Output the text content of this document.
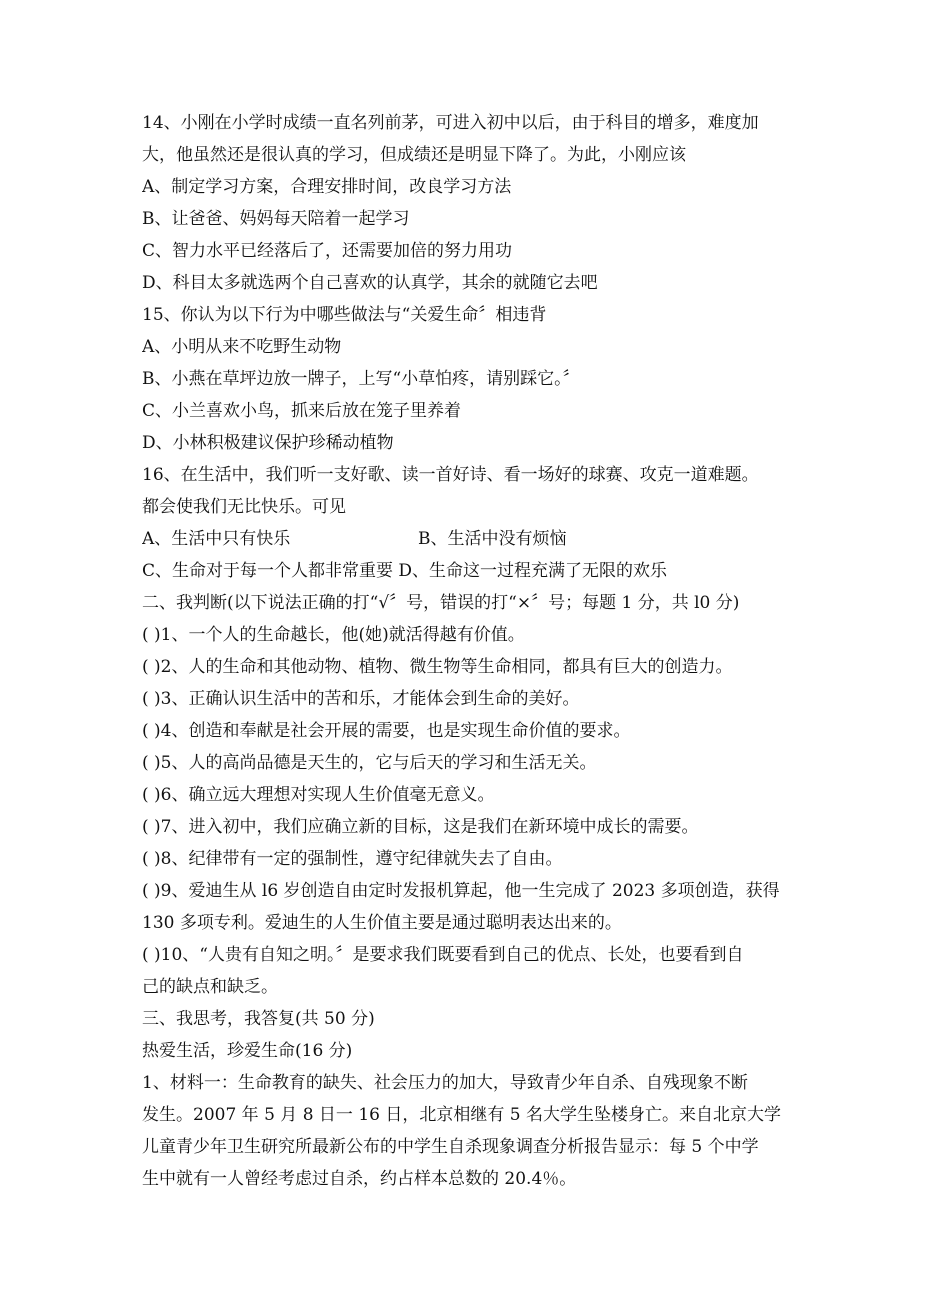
14、小刚在小学时成绩一直名列前茅，可进入初中以后，由于科目的增多，难度加
大，他虽然还是很认真的学习，但成绩还是明显下降了。为此，小刚应该
A、制定学习方案，合理安排时间，改良学习方法
B、让爸爸、妈妈每天陪着一起学习
C、智力水平已经落后了，还需要加倍的努力用功
D、科目太多就选两个自己喜欢的认真学，其余的就随它去吧
15、你认为以下行为中哪些做法与“关爱生命〞相违背
A、小明从来不吃野生动物
B、小燕在草坪边放一牌子，上写“小草怕疼，请别踩它。〞
C、小兰喜欢小鸟，抓来后放在笼子里养着
D、小林积极建议保护珍稀动植物
16、在生活中，我们听一支好歌、读一首好诗、看一场好的球赛、攻克一道难题。
都会使我们无比快乐。可见
A、生活中只有快乐	B、生活中没有烦恼
C、生命对于每一个人都非常重要 D、生命这一过程充满了无限的欢乐
二、我判断(以下说法正确的打“√〞号，错误的打“×〞号；每题 1 分，共 l0 分)
( )1、一个人的生命越长，他(她)就活得越有价值。
( )2、人的生命和其他动物、植物、微生物等生命相同，都具有巨大的创造力。
( )3、正确认识生活中的苦和乐，才能体会到生命的美好。
( )4、创造和奉献是社会开展的需要，也是实现生命价值的要求。
( )5、人的高尚品德是天生的，它与后天的学习和生活无关。
( )6、确立远大理想对实现人生价值毫无意义。
( )7、进入初中，我们应确立新的目标，这是我们在新环境中成长的需要。
( )8、纪律带有一定的强制性，遵守纪律就失去了自由。
( )9、爱迪生从 l6 岁创造自由定时发报机算起，他一生完成了 2023 多项创造，获得
130 多项专利。爱迪生的人生价值主要是通过聪明表达出来的。
( )10、“人贵有自知之明。〞是要求我们既要看到自己的优点、长处，也要看到自
己的缺点和缺乏。
三、我思考，我答复(共 50 分)
热爱生活，珍爱生命(16 分)
1、材料一：生命教育的缺失、社会压力的加大，导致青少年自杀、自残现象不断
发生。2007 年 5 月 8 日一 16 日，北京相继有 5 名大学生坠楼身亡。来自北京大学
儿童青少年卫生研究所最新公布的中学生自杀现象调查分析报告显示：每 5 个中学
生中就有一人曾经考虑过自杀，约占样本总数的 20.4％。
